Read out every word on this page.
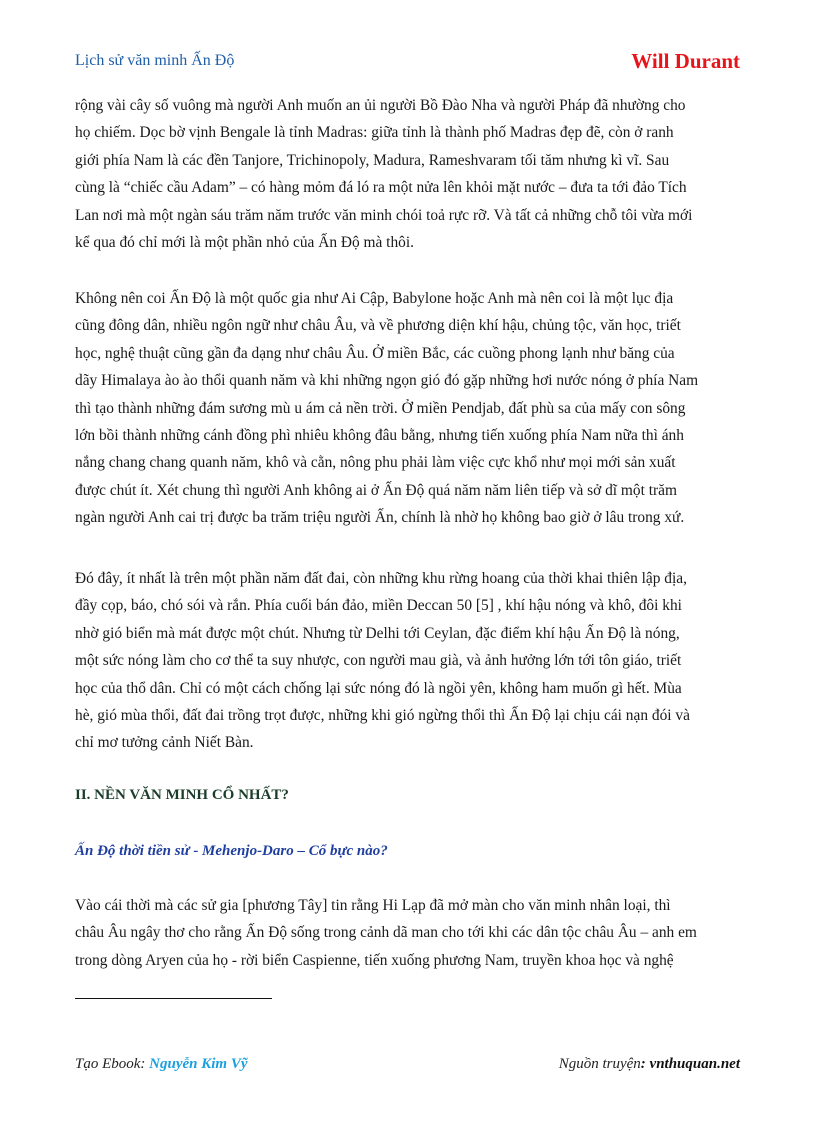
Lịch sử văn minh Ấn Độ	Will Durant

rộng vài cây số vuông mà người Anh muốn an ủi người Bồ Đào Nha và người Pháp đã nhường cho
họ chiếm. Dọc bờ vịnh Bengale là tỉnh Madras: giữa tỉnh là thành phố Madras đẹp đẽ, còn ở ranh
giới phía Nam là các đền Tanjore, Trichinopoly, Madura, Rameshvaram tối tăm nhưng kì vĩ. Sau
cùng là “chiếc cầu Adam” – có hàng mỏm đá ló ra một nửa lên khỏi mặt nước – đưa ta tới đảo Tích
Lan nơi mà một ngàn sáu trăm năm trước văn minh chói toả rực rỡ. Và tất cả những chỗ tôi vừa mới
kể qua đó chỉ mới là một phần nhỏ của Ấn Độ mà thôi.

Không nên coi Ấn Độ là một quốc gia như Ai Cập, Babylone hoặc Anh mà nên coi là một lục địa
cũng đông dân, nhiều ngôn ngữ như châu Âu, và về phương diện khí hậu, chủng tộc, văn học, triết
học, nghệ thuật cũng gần đa dạng như châu Âu. Ở miền Bắc, các cuồng phong lạnh như băng của
dãy Himalaya ào ào thổi quanh năm và khi những ngọn gió đó gặp những hơi nước nóng ở phía Nam
thì tạo thành những đám sương mù u ám cả nền trời. Ở miền Pendjab, đất phù sa của mấy con sông
lớn bồi thành những cánh đồng phì nhiêu không đâu bằng, nhưng tiến xuống phía Nam nữa thì ánh
nắng chang chang quanh năm, khô và cằn, nông phu phải làm việc cực khổ như mọi mới sản xuất
được chút ít. Xét chung thì người Anh không ai ở Ấn Độ quá năm năm liên tiếp và sở dĩ một trăm
ngàn người Anh cai trị được ba trăm triệu người Ấn, chính là nhờ họ không bao giờ ở lâu trong xứ.

Đó đây, ít nhất là trên một phần năm đất đai, còn những khu rừng hoang của thời khai thiên lập địa,
đầy cọp, báo, chó sói và rắn. Phía cuối bán đảo, miền Deccan 50 [5] , khí hậu nóng và khô, đôi khi
nhờ gió biển mà mát được một chút. Nhưng từ Delhi tới Ceylan, đặc điểm khí hậu Ấn Độ là nóng,
một sức nóng làm cho cơ thể ta suy nhược, con người mau già, và ảnh hưởng lớn tới tôn giáo, triết
học của thổ dân. Chỉ có một cách chống lại sức nóng đó là ngồi yên, không ham muốn gì hết. Mùa
hè, gió mùa thổi, đất đai trồng trọt được, những khi gió ngừng thổi thì Ấn Độ lại chịu cái nạn đói và
chỉ mơ tưởng cảnh Niết Bàn.

II. NỀN VĂN MINH CỔ NHẤT?
Ấn Độ thời tiền sử - Mehenjo-Daro – Cổ bực nào?

Vào cái thời mà các sử gia [phương Tây] tin rằng Hi Lạp đã mở màn cho văn minh nhân loại, thì
châu Âu ngây thơ cho rằng Ấn Độ sống trong cảnh dã man cho tới khi các dân tộc châu Âu – anh em
trong dòng Aryen của họ - rời biển Caspienne, tiến xuống phương Nam, truyền khoa học và nghệ

Tạo Ebook: Nguyễn Kim Vỹ	Nguồn truyện: vnthuquan.net
